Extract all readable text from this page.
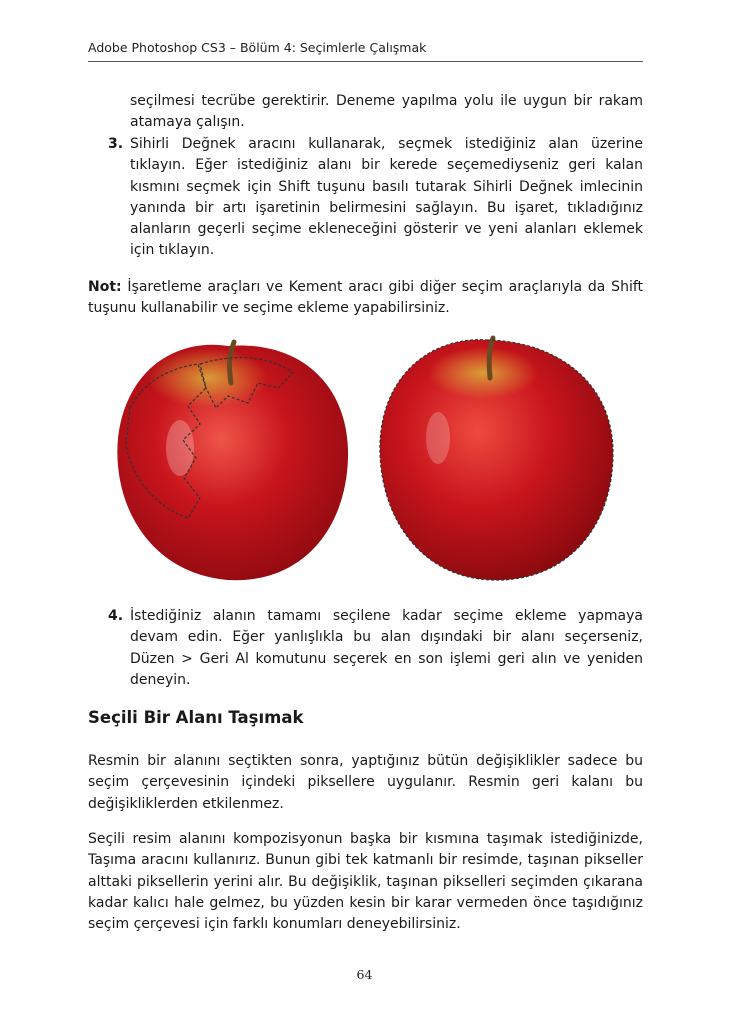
Adobe Photoshop CS3 – Bölüm 4: Seçimlerle Çalışmak
seçilmesi tecrübe gerektirir. Deneme yapılma yolu ile uygun bir rakam atamaya çalışın.
3. Sihirli Değnek aracını kullanarak, seçmek istediğiniz alan üzerine tıklayın. Eğer istediğiniz alanı bir kerede seçemediyseniz geri kalan kısmını seçmek için Shift tuşunu basılı tutarak Sihirli Değnek imlecinin yanında bir artı işaretinin belirmesini sağlayın. Bu işaret, tıkladığınız alanların geçerli seçime ekleneceğini gösterir ve yeni alanları eklemek için tıklayın.
Not: İşaretleme araçları ve Kement aracı gibi diğer seçim araçlarıyla da Shift tuşunu kullanabilir ve seçime ekleme yapabilirsiniz.
4. İstediğiniz alanın tamamı seçilene kadar seçime ekleme yapmaya devam edin. Eğer yanlışlıkla bu alan dışındaki bir alanı seçerseniz, Düzen > Geri Al komutunu seçerek en son işlemi geri alın ve yeniden deneyin.
Seçili Bir Alanı Taşımak
Resmin bir alanını seçtikten sonra, yaptığınız bütün değişiklikler sadece bu seçim çerçevesinin içindeki piksellere uygulanır. Resmin geri kalanı bu değişikliklerden etkilenmez.
Seçili resim alanını kompozisyonun başka bir kısmına taşımak istediğinizde, Taşıma aracını kullanırız. Bunun gibi tek katmanlı bir resimde, taşınan pikseller alttaki piksellerin yerini alır. Bu değişiklik, taşınan pikselleri seçimden çıkarana kadar kalıcı hale gelmez, bu yüzden kesin bir karar vermeden önce taşıdığınız seçim çerçevesi için farklı konumları deneyebilirsiniz.
64
